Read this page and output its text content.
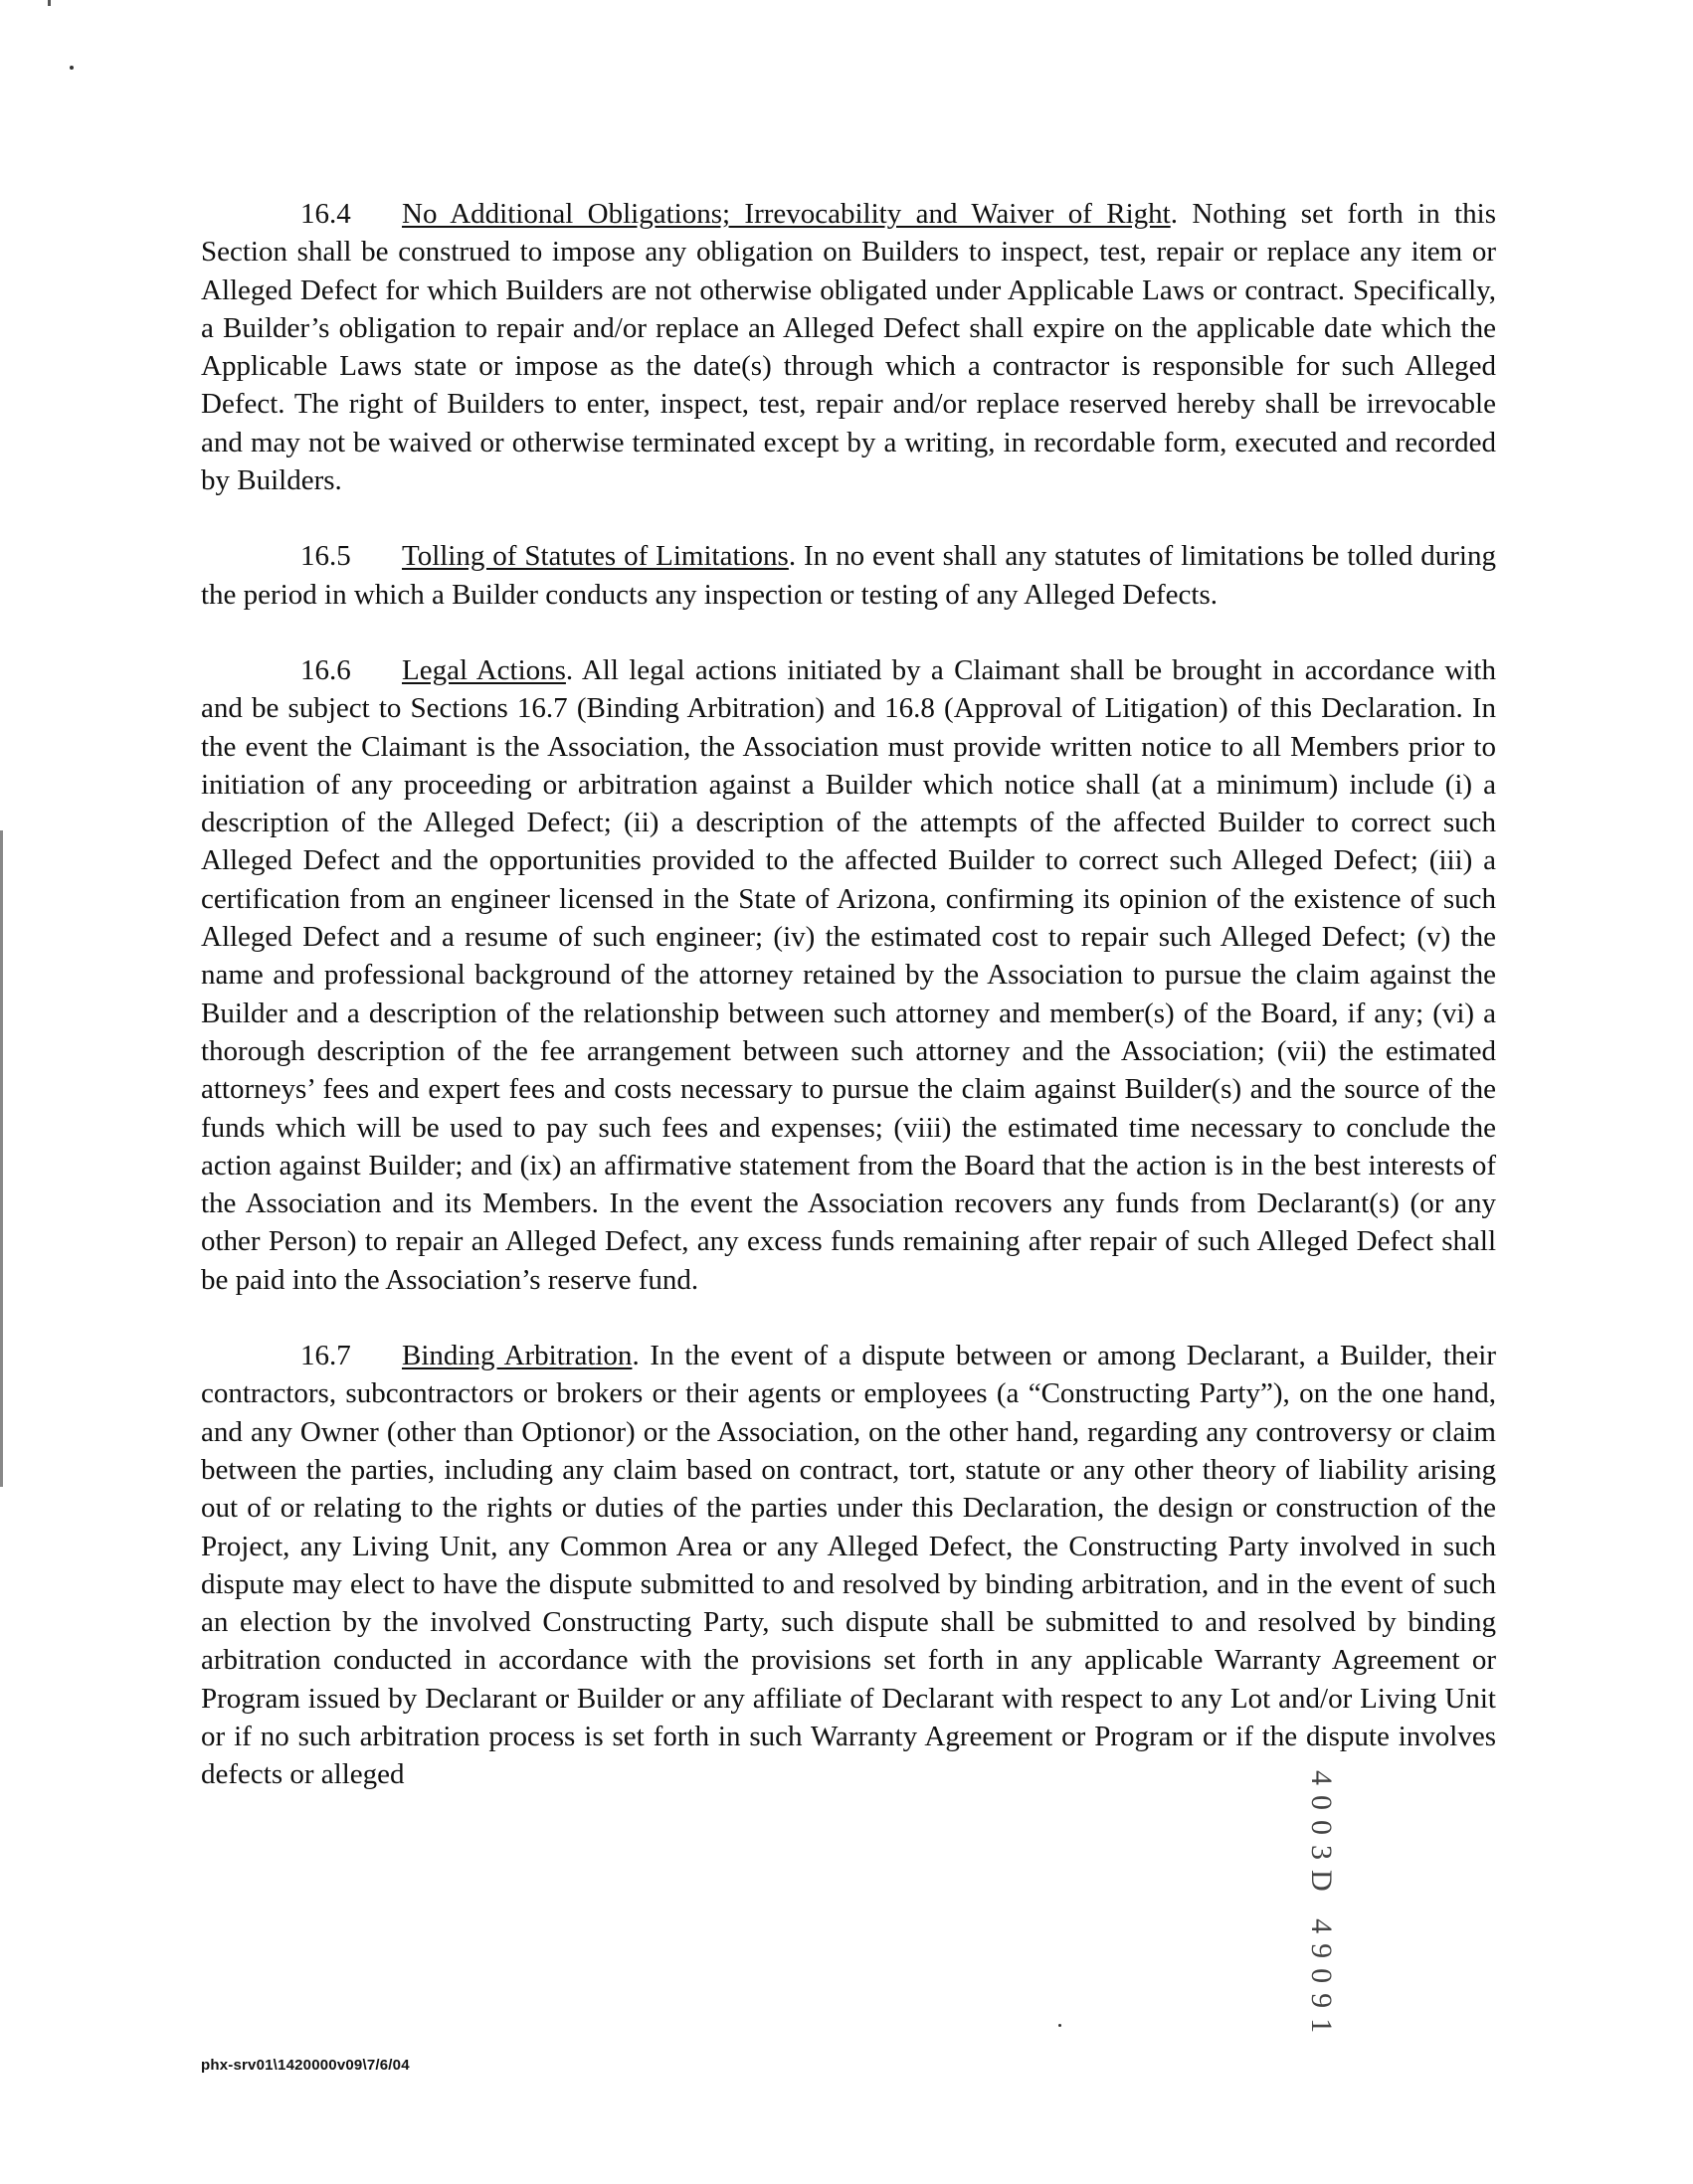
16.4 No Additional Obligations; Irrevocability and Waiver of Right. Nothing set forth in this Section shall be construed to impose any obligation on Builders to inspect, test, repair or replace any item or Alleged Defect for which Builders are not otherwise obligated under Applicable Laws or contract. Specifically, a Builder’s obligation to repair and/or replace an Alleged Defect shall expire on the applicable date which the Applicable Laws state or impose as the date(s) through which a contractor is responsible for such Alleged Defect. The right of Builders to enter, inspect, test, repair and/or replace reserved hereby shall be irrevocable and may not be waived or otherwise terminated except by a writing, in recordable form, executed and recorded by Builders.

16.5 Tolling of Statutes of Limitations. In no event shall any statutes of limitations be tolled during the period in which a Builder conducts any inspection or testing of any Alleged Defects.

16.6 Legal Actions. All legal actions initiated by a Claimant shall be brought in accordance with and be subject to Sections 16.7 (Binding Arbitration) and 16.8 (Approval of Litigation) of this Declaration. In the event the Claimant is the Association, the Association must provide written notice to all Members prior to initiation of any proceeding or arbitration against a Builder which notice shall (at a minimum) include (i) a description of the Alleged Defect; (ii) a description of the attempts of the affected Builder to correct such Alleged Defect and the opportunities provided to the affected Builder to correct such Alleged Defect; (iii) a certification from an engineer licensed in the State of Arizona, confirming its opinion of the existence of such Alleged Defect and a resume of such engineer; (iv) the estimated cost to repair such Alleged Defect; (v) the name and professional background of the attorney retained by the Association to pursue the claim against the Builder and a description of the relationship between such attorney and member(s) of the Board, if any; (vi) a thorough description of the fee arrangement between such attorney and the Association; (vii) the estimated attorneys’ fees and expert fees and costs necessary to pursue the claim against Builder(s) and the source of the funds which will be used to pay such fees and expenses; (viii) the estimated time necessary to conclude the action against Builder; and (ix) an affirmative statement from the Board that the action is in the best interests of the Association and its Members. In the event the Association recovers any funds from Declarant(s) (or any other Person) to repair an Alleged Defect, any excess funds remaining after repair of such Alleged Defect shall be paid into the Association’s reserve fund.

16.7 Binding Arbitration. In the event of a dispute between or among Declarant, a Builder, their contractors, subcontractors or brokers or their agents or employees (a “Constructing Party”), on the one hand, and any Owner (other than Optionor) or the Association, on the other hand, regarding any controversy or claim between the parties, including any claim based on contract, tort, statute or any other theory of liability arising out of or relating to the rights or duties of the parties under this Declaration, the design or construction of the Project, any Living Unit, any Common Area or any Alleged Defect, the Constructing Party involved in such dispute may elect to have the dispute submitted to and resolved by binding arbitration, and in the event of such an election by the involved Constructing Party, such dispute shall be submitted to and resolved by binding arbitration conducted in accordance with the provisions set forth in any applicable Warranty Agreement or Program issued by Declarant or Builder or any affiliate of Declarant with respect to any Lot and/or Living Unit or if no such arbitration process is set forth in such Warranty Agreement or Program or if the dispute involves defects or alleged	4003D 49091
phx-srv01\1420000v09\7/6/04
